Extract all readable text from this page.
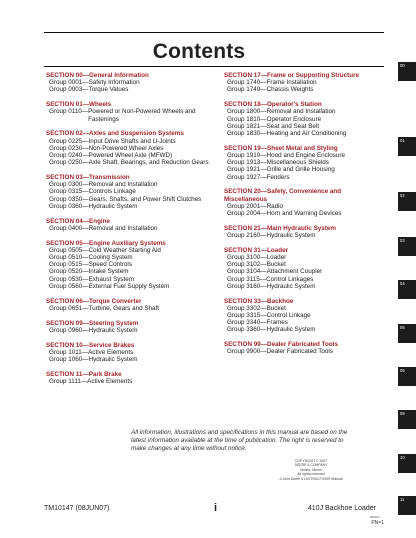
Contents
SECTION 00—General Information
Group 0001— Safety Information
Group 0003— Torque Values
SECTION 01—Wheels
Group 0110— Powered or Non-Powered Wheels and Fastenings
SECTION 02—Axles and Suspension Systems
Group 0225— Input Drive Shafts and U-Joints
Group 0230— Non-Powered Wheel Axles
Group 0240— Powered Wheel Axle (MFWD)
Group 0250— Axle Shaft, Bearings, and Reduction Gears
SECTION 03—Transmission
Group 0300— Removal and Installation
Group 0315— Controls Linkage
Group 0350— Gears, Shafts, and Power Shift Clutches
Group 0360— Hydraulic System
SECTION 04—Engine
Group 0400— Removal and Installation
SECTION 05—Engine Auxiliary Systems
Group 0505— Cold Weather Starting Aid
Group 0510— Cooling System
Group 0515— Speed Controls
Group 0520— Intake System
Group 0530— Exhaust System
Group 0560— External Fuel Supply System
SECTION 06—Torque Converter
Group 0651— Turbine, Gears and Shaft
SECTION 09—Steering System
Group 0960— Hydraulic System
SECTION 10—Service Brakes
Group 1011— Active Elements
Group 1060— Hydraulic System
SECTION 11—Park Brake
Group 1111— Active Elements
SECTION 17—Frame or Supporting Structure
Group 1740— Frame Installation
Group 1749— Chassis Weights
SECTION 18—Operator's Station
Group 1800— Removal and Installation
Group 1810— Operator Enclosure
Group 1821— Seat and Seat Belt
Group 1830— Heating and Air Conditioning
SECTION 19—Sheet Metal and Styling
Group 1910— Hood and Engine Enclosure
Group 1913— Miscellaneous Shields
Group 1921— Grille and Grille Housing
Group 1927— Fenders
SECTION 20—Safety, Convenience and Miscellaneous
Group 2001— Radio
Group 2004— Horn and Warning Devices
SECTION 21—Main Hydraulic System
Group 2160— Hydraulic System
SECTION 31—Loader
Group 3100— Loader
Group 3102— Bucket
Group 3104— Attachment Coupler
Group 3115— Control Linkages
Group 3160— Hydraulic System
SECTION 33—Backhoe
Group 3302— Bucket
Group 3315— Control Linkage
Group 3340— Frames
Group 3360— Hydraulic System
SECTION 99—Dealer Fabricated Tools
Group 9900— Dealer Fabricated Tools
00
01
02
03
04
05
06
09
10
11
All information, illustrations and specifications in this manual are based on the latest information available at the time of publication. The right is reserved to make changes at any time without notice.
COPYRIGHT © 2007
DEERE & COMPANY
Moline, Illinois
All rights reserved
A John Deere ILLUSTRUCTION® Manual
TM10147 (08JUN07)	i	410J Backhoe Loader
060607
PN=1
